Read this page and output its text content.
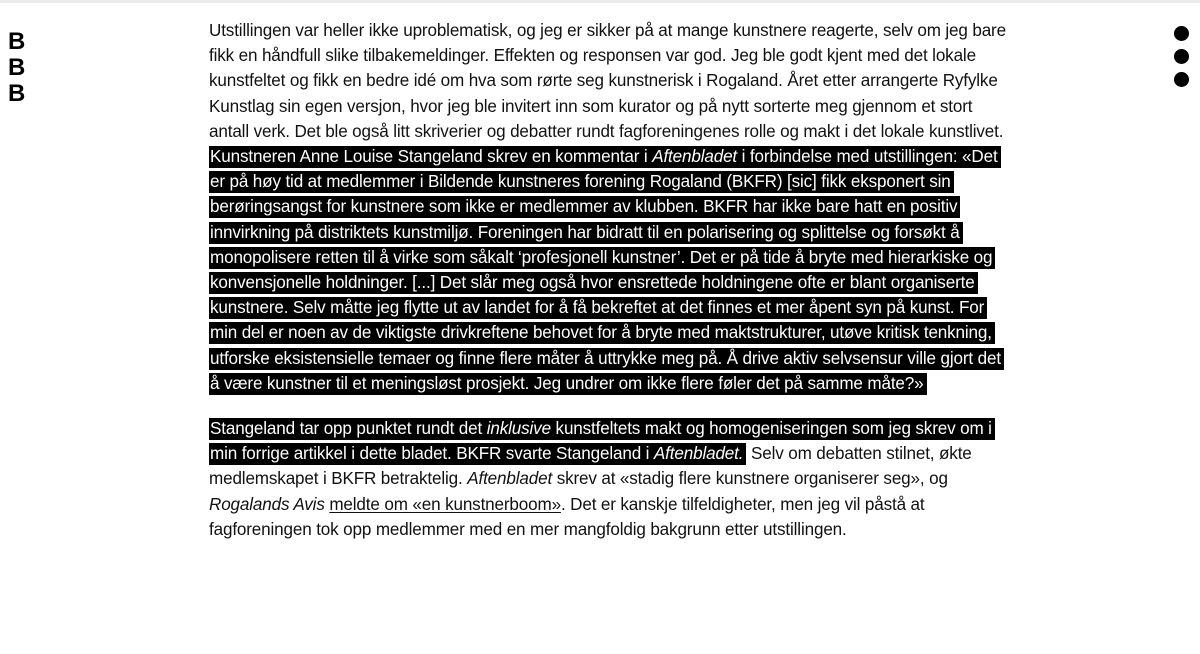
B
B
B

Utstillingen var heller ikke uproblematisk, og jeg er sikker på at mange kunstnere reagerte, selv om jeg bare fikk en håndfull slike tilbakemeldinger. Effekten og responsen var god. Jeg ble godt kjent med det lokale kunstfeltet og fikk en bedre idé om hva som rørte seg kunstnerisk i Rogaland. Året etter arrangerte Ryfylke Kunstlag sin egen versjon, hvor jeg ble invitert inn som kurator og på nytt sorterte meg gjennom et stort antall verk. Det ble også litt skriverier og debatter rundt fagforeningenes rolle og makt i det lokale kunstlivet. Kunstneren Anne Louise Stangeland skrev en kommentar i Aftenbladet i forbindelse med utstillingen: «Det er på høy tid at medlemmer i Bildende kunstneres forening Rogaland (BKFR) [sic] fikk eksponert sin berøringsangst for kunstnere som ikke er medlemmer av klubben. BKFR har ikke bare hatt en positiv innvirkning på distriktets kunstmiljø. Foreningen har bidratt til en polarisering og splittelse og forsøkt å monopolisere retten til å virke som såkalt ‘profesjonell kunstner’. Det er på tide å bryte med hierarkiske og konvensjonelle holdninger. [...] Det slår meg også hvor ensrettede holdningene ofte er blant organiserte kunstnere. Selv måtte jeg flytte ut av landet for å få bekreftet at det finnes et mer åpent syn på kunst. For min del er noen av de viktigste drivkreftene behovet for å bryte med maktstrukturer, utøve kritisk tenkning, utforske eksistensielle temaer og finne flere måter å uttrykke meg på. Å drive aktiv selvsensur ville gjort det å være kunstner til et meningsløst prosjekt. Jeg undrer om ikke flere føler det på samme måte?»

Stangeland tar opp punktet rundt det inklusive kunstfeltets makt og homogeniseringen som jeg skrev om i min forrige artikkel i dette bladet. BKFR svarte Stangeland i Aftenbladet. Selv om debatten stilnet, økte medlemskapet i BKFR betraktelig. Aftenbladet skrev at «stadig flere kunstnere organiserer seg», og Rogalands Avis meldte om «en kunstnerboom». Det er kanskje tilfeldigheter, men jeg vil påstå at fagforeningen tok opp medlemmer med en mer mangfoldig bakgrunn etter utstillingen.
